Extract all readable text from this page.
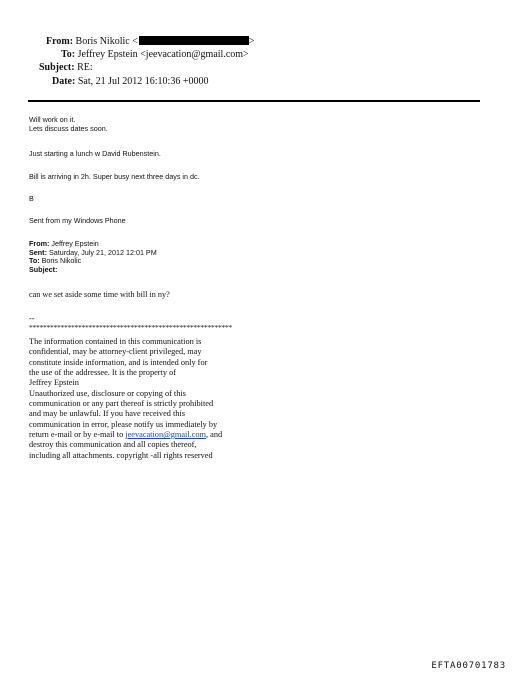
From: Boris Nikolic <	>
To: Jeffrey Epstein <jeevacation@gmail.com>
Subject: RE:
Date: Sat, 21 Jul 2012 16:10:36 +0000
Will work on it.
Lets discuss dates soon.
Just starting a lunch w David Rubenstein.
Bill is arriving in 2h. Super busy next three days in dc.
B
Sent from my Windows Phone
From: Jeffrey Epstein
Sent: Saturday, July 21, 2012 12:01 PM
To: Boris Nikolic
Subject:
can we set aside some time with bill in ny?
--
**********************************************************
The information contained in this communication is
confidential, may be attorney-client privileged, may
constitute inside information, and is intended only for
the use of the addressee. It is the property of
Jeffrey Epstein
Unauthorized use, disclosure or copying of this
communication or any part thereof is strictly prohibited
and may be unlawful. If you have received this
communication in error, please notify us immediately by
return e-mail or by e-mail to jeevacation@gmail.com, and
destroy this communication and all copies thereof,
including all attachments. copyright -all rights reserved
EFTA00701783
